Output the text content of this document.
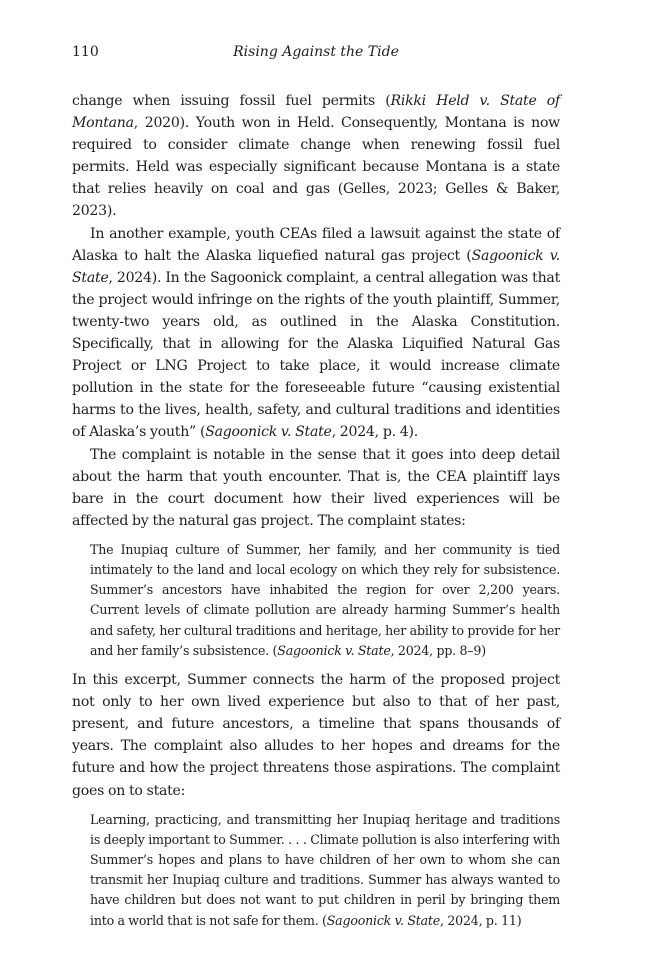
110	Rising Against the Tide

change when issuing fossil fuel permits (Rikki Held v. State of Montana, 2020). Youth won in Held. Consequently, Montana is now required to consider climate change when renewing fossil fuel permits. Held was especially significant because Montana is a state that relies heavily on coal and gas (Gelles, 2023; Gelles & Baker, 2023).

In another example, youth CEAs filed a lawsuit against the state of Alaska to halt the Alaska liquefied natural gas project (Sagoonick v. State, 2024). In the Sagoonick complaint, a central allegation was that the project would infringe on the rights of the youth plaintiff, Summer, twenty-two years old, as outlined in the Alaska Constitution. Specifically, that in allowing for the Alaska Liquified Natural Gas Project or LNG Project to take place, it would increase climate pollution in the state for the foreseeable future “causing existential harms to the lives, health, safety, and cultural traditions and identities of Alaska’s youth” (Sagoonick v. State, 2024, p. 4).

The complaint is notable in the sense that it goes into deep detail about the harm that youth encounter. That is, the CEA plaintiff lays bare in the court document how their lived experiences will be affected by the natural gas project. The complaint states:

The Inupiaq culture of Summer, her family, and her community is tied intimately to the land and local ecology on which they rely for subsistence. Summer’s ancestors have inhabited the region for over 2,200 years. Current levels of climate pollution are already harming Summer’s health and safety, her cultural traditions and heritage, her ability to provide for her and her family’s subsistence. (Sagoonick v. State, 2024, pp. 8–9)

In this excerpt, Summer connects the harm of the proposed project not only to her own lived experience but also to that of her past, present, and future ancestors, a timeline that spans thousands of years. The complaint also alludes to her hopes and dreams for the future and how the project threatens those aspirations. The complaint goes on to state:

Learning, practicing, and transmitting her Inupiaq heritage and traditions is deeply important to Summer. . . . Climate pollution is also interfering with Summer’s hopes and plans to have children of her own to whom she can transmit her Inupiaq culture and traditions. Summer has always wanted to have children but does not want to put children in peril by bringing them into a world that is not safe for them. (Sagoonick v. State, 2024, p. 11)
